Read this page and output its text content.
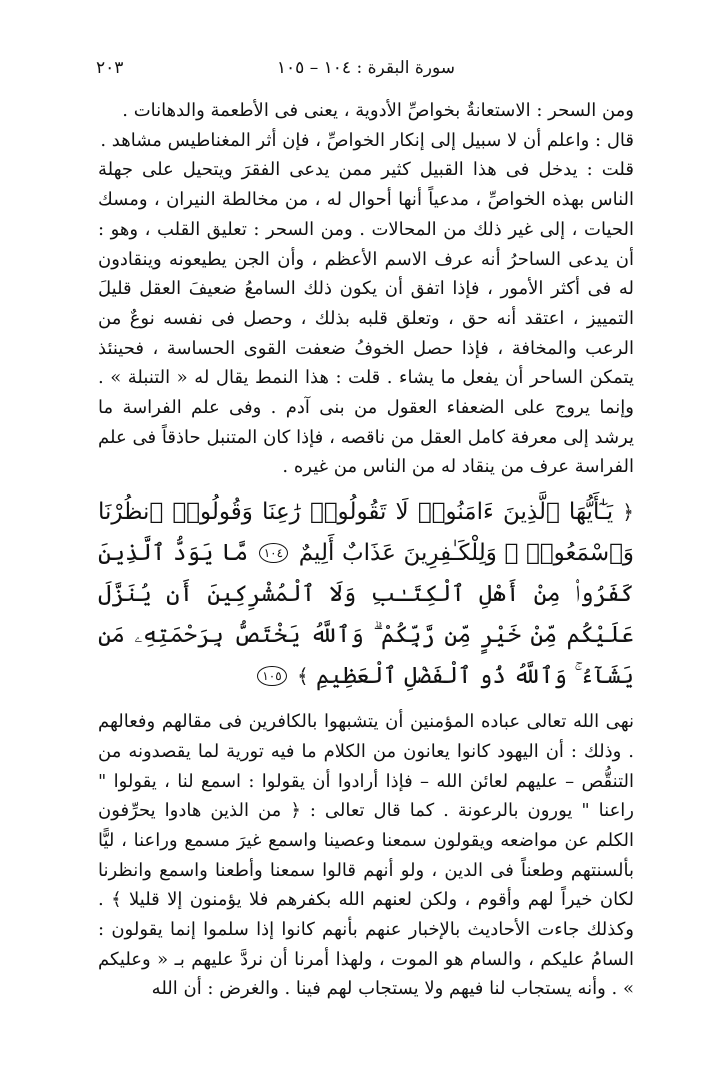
٢٠٣	سورة البقرة : ١٠٤ – ١٠٥

ومن السحر : الاستعانةُ بخواصِّ الأدوية ، يعنى فى الأطعمة والدهانات .

قال : واعلم أن لا سبيل إلى إنكار الخواصِّ ، فإن أثر المغناطيس مشاهد .

قلت : يدخل فى هذا القبيل كثير ممن يدعى الفقرَ ويتحيل على جهلة الناس بهذه الخواصِّ ، مدعياً أنها أحوال له ، من مخالطة النيران ، ومسك الحيات ، إلى غير ذلك من المحالات . ومن السحر : تعليق القلب ، وهو : أن يدعى الساحرُ أنه عرف الاسم الأعظم ، وأن الجن يطيعونه وينقادون له فى أكثر الأمور ، فإذا اتفق أن يكون ذلك السامعُ ضعيفَ العقل قليلَ التمييز ، اعتقد أنه حق ، وتعلق قلبه بذلك ، وحصل فى نفسه نوعٌ من الرعب والمخافة ، فإذا حصل الخوفُ ضعفت القوى الحساسة ، فحينئذ يتمكن الساحر أن يفعل ما يشاء . قلت : هذا النمط يقال له « التنبلة » . وإنما يروج على الضعفاء العقول من بنى آدم . وفى علم الفراسة ما يرشد إلى معرفة كامل العقل من ناقصه ، فإذا كان المتنبل حاذقاً فى علم الفراسة عرف من ينقاد له من الناس من غيره .

﴿ يَـٰٓأَيُّهَا ٱلَّذِينَ ءَامَنُوا۟ لَا تَقُولُوا۟ رَٰعِنَا وَقُولُوا۟ ٱنظُرْنَا وَٱسْمَعُوا۟ ۗ وَلِلْكَـٰفِرِينَ عَذَابٌ أَلِيمٌ ١٠٤ مَّا يَوَدُّ ٱلَّذِينَ كَفَرُوا۟ مِنْ أَهْلِ ٱلْكِتَـٰبِ وَلَا ٱلْمُشْرِكِينَ أَن يُنَزَّلَ عَلَيْكُم مِّنْ خَيْرٍ مِّن رَّبِّكُمْ ۗ وَٱللَّهُ يَخْتَصُّ بِرَحْمَتِهِۦ مَن يَشَآءُ ۚ وَٱللَّهُ ذُو ٱلْفَضْلِ ٱلْعَظِيمِ ﴾ ١٠٥

نهى الله تعالى عباده المؤمنين أن يتشبهوا بالكافرين فى مقالهم وفعالهم . وذلك : أن اليهود كانوا يعانون من الكلام ما فيه تورية لما يقصدونه من التنقُّص – عليهم لعائن الله – فإذا أرادوا أن يقولوا : اسمع لنا ، يقولوا " راعنا " يورون بالرعونة . كما قال تعالى : ﴿ من الذين هادوا يحرِّفون الكلم عن مواضعه ويقولون سمعنا وعصينا واسمع غيرَ مسمع وراعنا ، ليًّا بألسنتهم وطعناً فى الدين ، ولو أنهم قالوا سمعنا وأطعنا واسمع وانظرنا لكان خيراً لهم وأقوم ، ولكن لعنهم الله بكفرهم فلا يؤمنون إلا قليلا ﴾ . وكذلك جاءت الأحاديث بالإخبار عنهم بأنهم كانوا إذا سلموا إنما يقولون : السامُ عليكم ، والسام هو الموت ، ولهذا أمرنا أن نردَّ عليهم بـ « وعليكم » . وأنه يستجاب لنا فيهم ولا يستجاب لهم فينا . والغرض : أن الله
